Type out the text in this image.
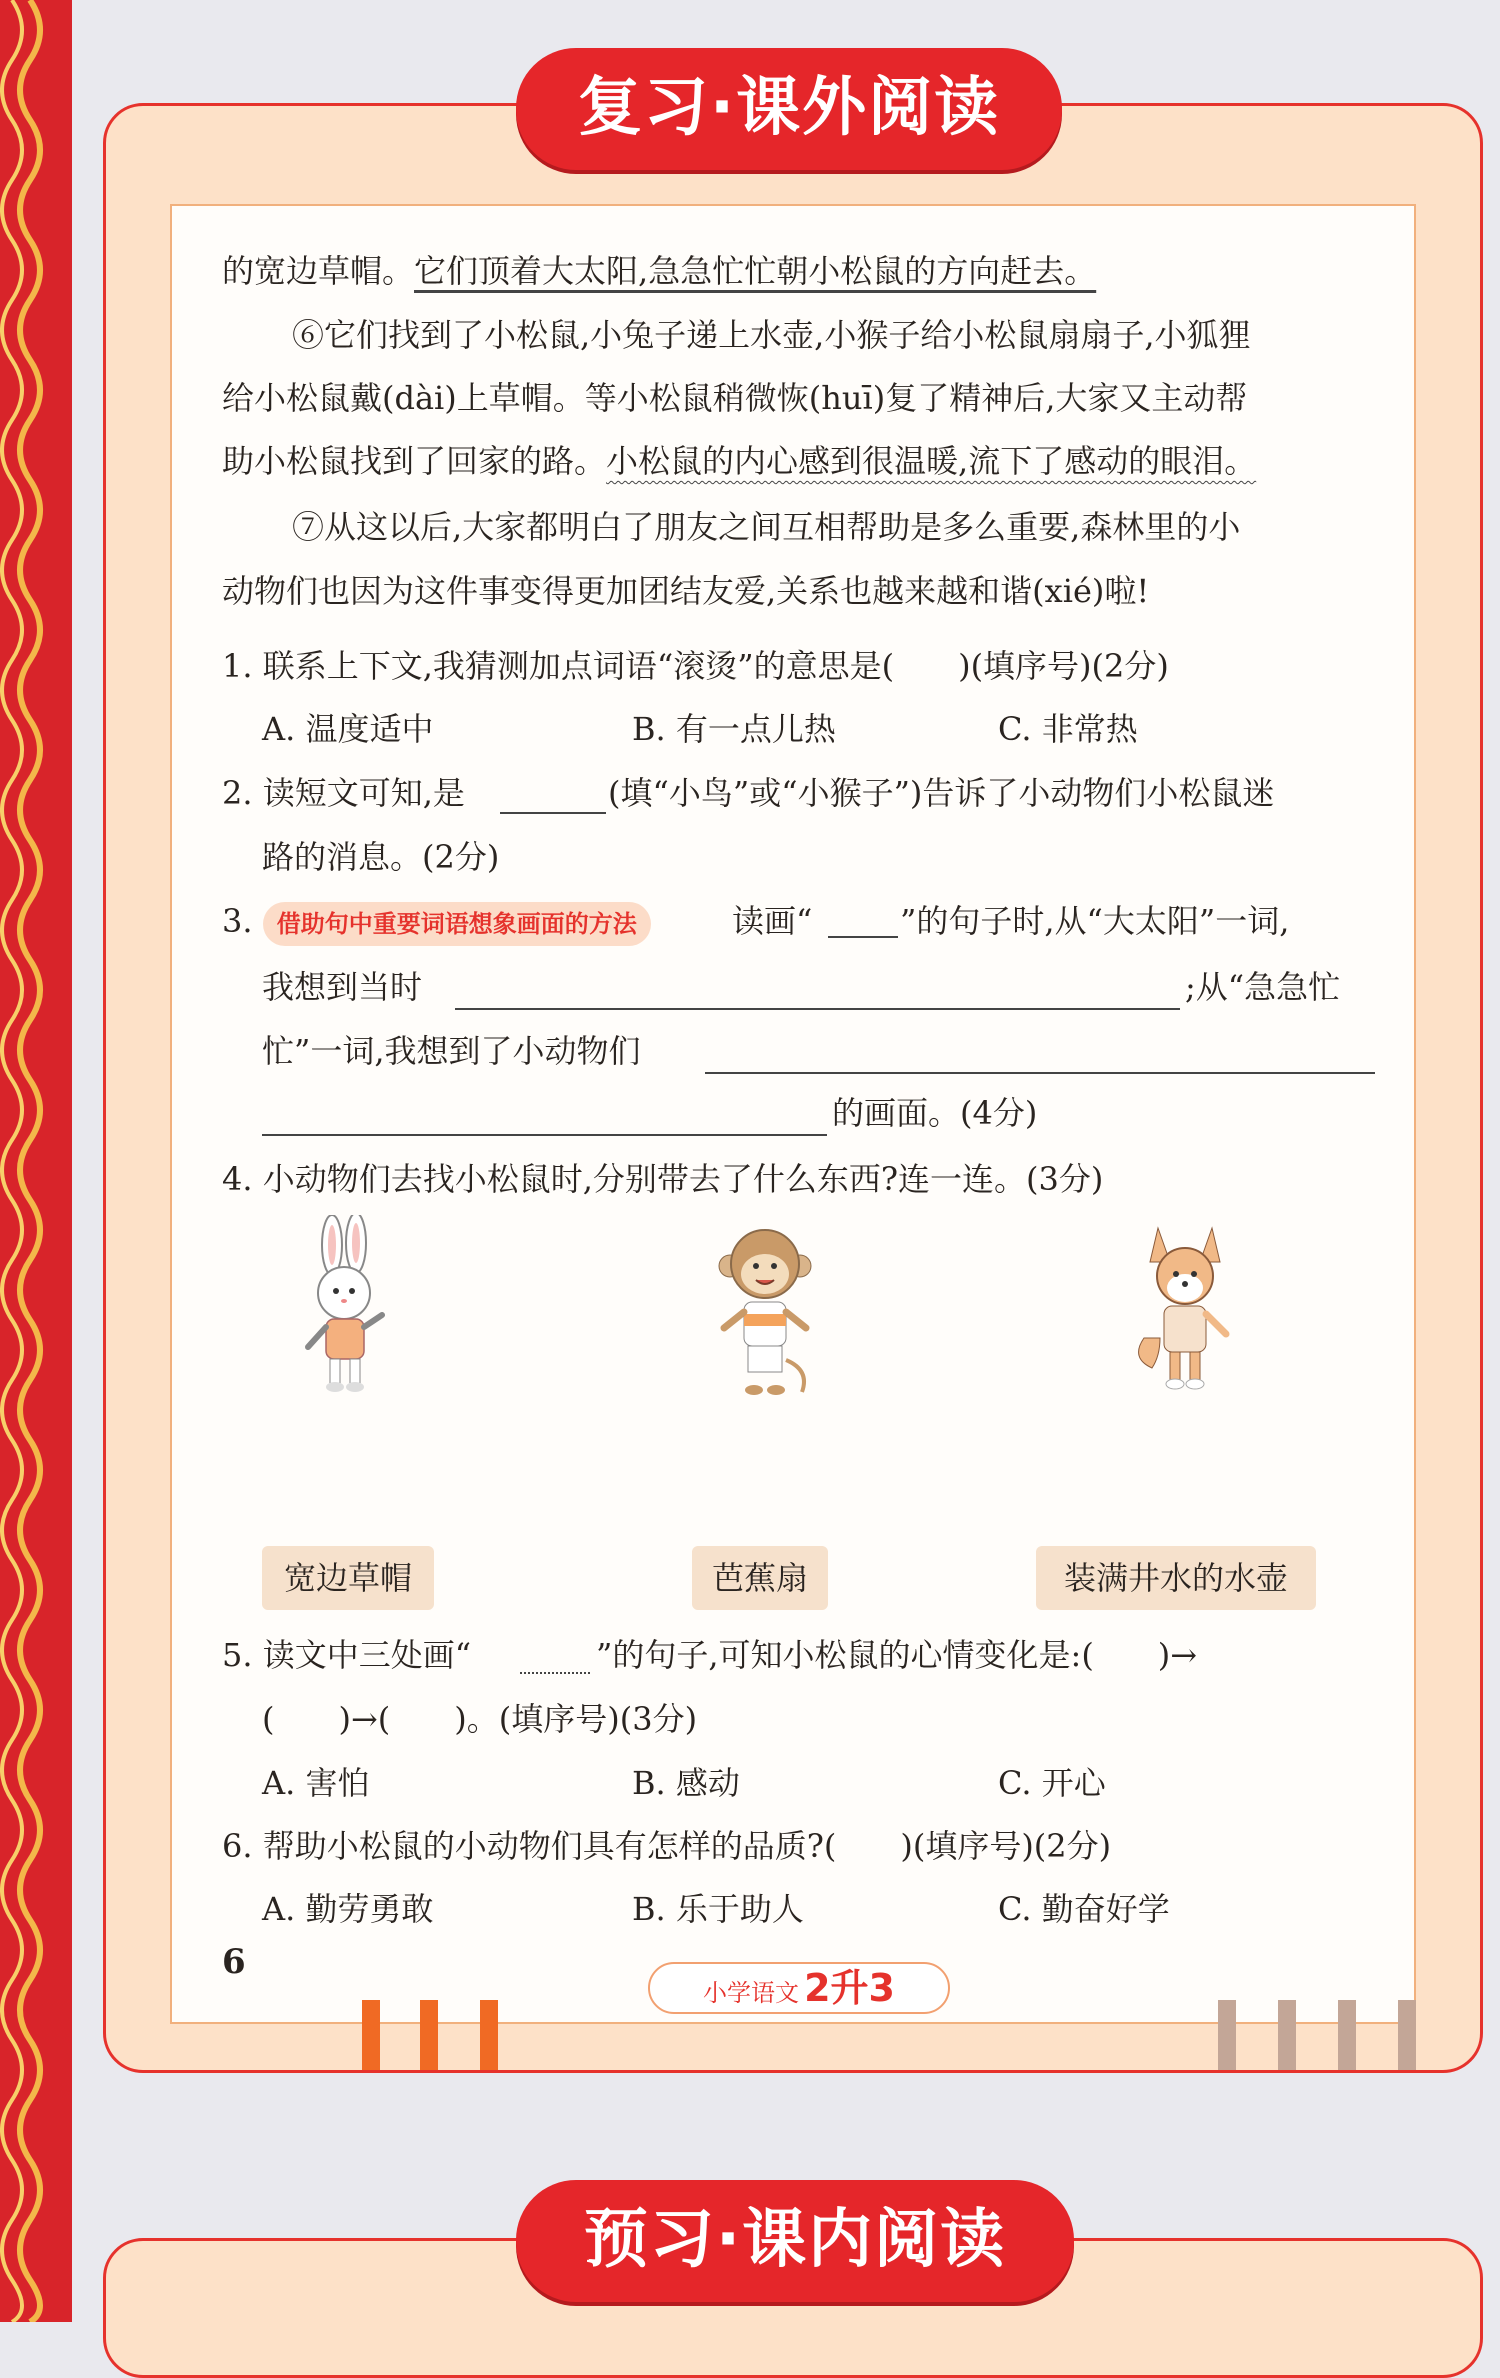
复习·课外阅读
的宽边草帽。它们顶着大太阳,急急忙忙朝小松鼠的方向赶去。
⑥它们找到了小松鼠,小兔子递上水壶,小猴子给小松鼠扇扇子,小狐狸
给小松鼠戴(dài)上草帽。等小松鼠稍微恢(huī)复了精神后,大家又主动帮
助小松鼠找到了回家的路。小松鼠的内心感到很温暖,流下了感动的眼泪。
⑦从这以后,大家都明白了朋友之间互相帮助是多么重要,森林里的小
动物们也因为这件事变得更加团结友爱,关系也越来越和谐(xié)啦!
1. 联系上下文,我猜测加点词语“滚烫”的意思是(　　)(填序号)(2分)
A. 温度适中	B. 有一点儿热	C. 非常热
2. 读短文可知,是	(填“小鸟”或“小猴子”)告诉了小动物们小松鼠迷
路的消息。(2分)
3. 借助句中重要词语想象画面的方法	读画“	”的句子时,从“大太阳”一词,
我想到当时	;从“急急忙
忙”一词,我想到了小动物们
的画面。(4分)
4. 小动物们去找小松鼠时,分别带去了什么东西?连一连。(3分)
宽边草帽	芭蕉扇	装满井水的水壶
5. 读文中三处画“	”的句子,可知小松鼠的心情变化是:(　　)→
(　　)→(　　)。(填序号)(3分)
A. 害怕	B. 感动	C. 开心
6. 帮助小松鼠的小动物们具有怎样的品质?(　　)(填序号)(2分)
A. 勤劳勇敢	B. 乐于助人	C. 勤奋好学
6
小学语文 2升3
预习·课内阅读
